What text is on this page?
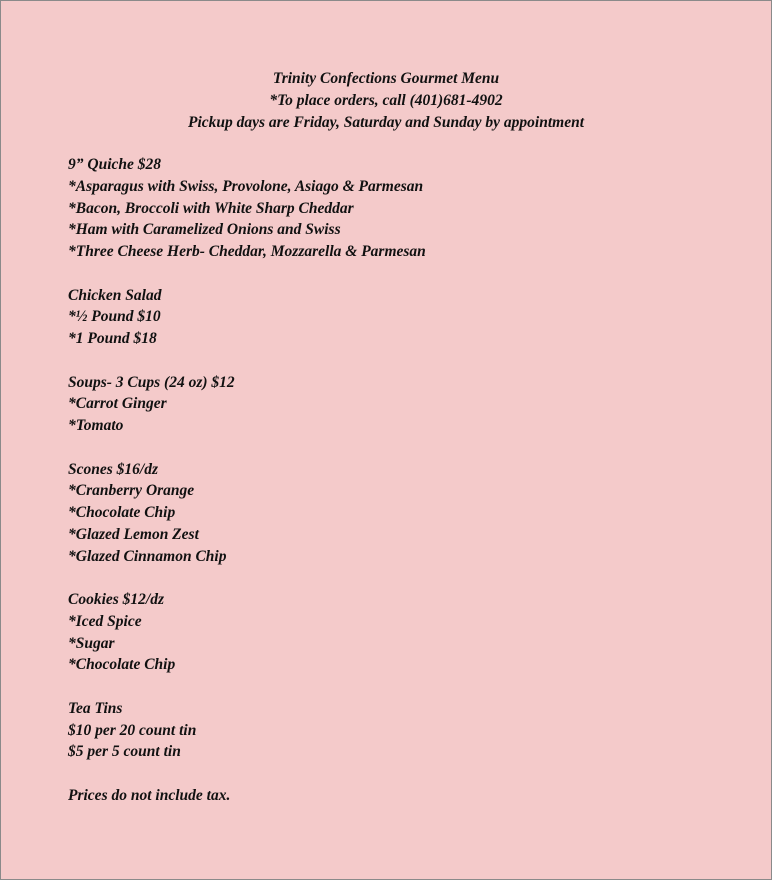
Trinity Confections Gourmet Menu
*To place orders, call (401)681-4902
Pickup days are Friday, Saturday and Sunday by appointment
9” Quiche $28
*Asparagus with Swiss, Provolone, Asiago & Parmesan
*Bacon, Broccoli with White Sharp Cheddar
*Ham with Caramelized Onions and Swiss
*Three Cheese Herb- Cheddar, Mozzarella & Parmesan
Chicken Salad
*½ Pound $10
*1 Pound $18
Soups- 3 Cups (24 oz) $12
*Carrot Ginger
*Tomato
Scones $16/dz
*Cranberry Orange
*Chocolate Chip
*Glazed Lemon Zest
*Glazed Cinnamon Chip
Cookies $12/dz
*Iced Spice
*Sugar
*Chocolate Chip
Tea Tins
$10 per 20 count tin
$5 per 5 count tin
Prices do not include tax.
